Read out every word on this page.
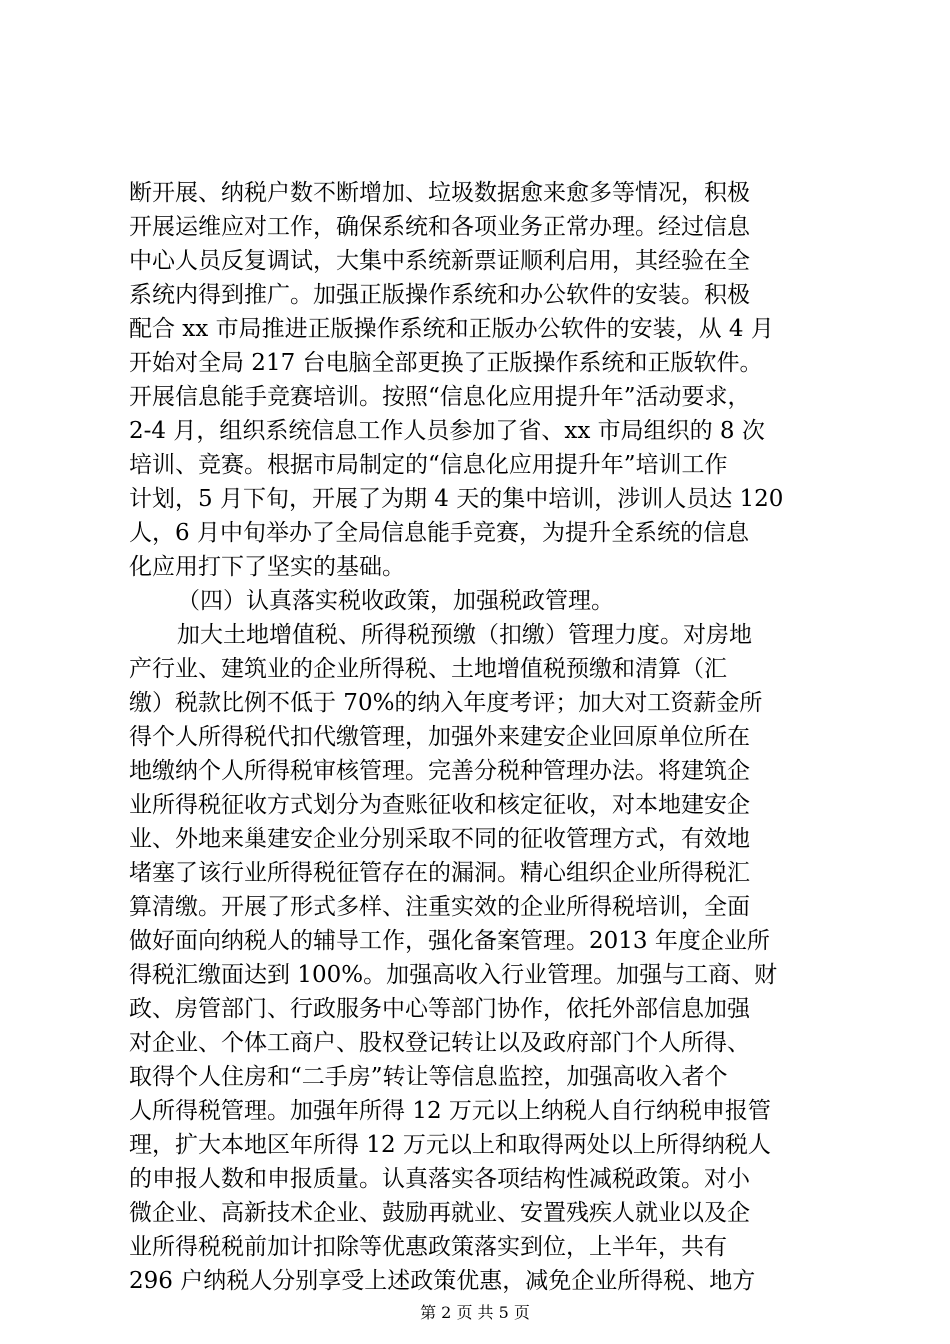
断开展、纳税户数不断增加、垃圾数据愈来愈多等情况，积极
开展运维应对工作，确保系统和各项业务正常办理。经过信息
中心人员反复调试，大集中系统新票证顺利启用，其经验在全
系统内得到推广。加强正版操作系统和办公软件的安装。积极
配合 xx 市局推进正版操作系统和正版办公软件的安装，从 4 月
开始对全局 217 台电脑全部更换了正版操作系统和正版软件。
开展信息能手竞赛培训。按照“信息化应用提升年”活动要求，
2-4 月，组织系统信息工作人员参加了省、xx 市局组织的 8 次
培训、竞赛。根据市局制定的“信息化应用提升年”培训工作
计划，5 月下旬，开展了为期 4 天的集中培训，涉训人员达 120
人，6 月中旬举办了全局信息能手竞赛，为提升全系统的信息
化应用打下了坚实的基础。
（四）认真落实税收政策，加强税政管理。
加大土地增值税、所得税预缴（扣缴）管理力度。对房地
产行业、建筑业的企业所得税、土地增值税预缴和清算（汇
缴）税款比例不低于 70%的纳入年度考评；加大对工资薪金所
得个人所得税代扣代缴管理，加强外来建安企业回原单位所在
地缴纳个人所得税审核管理。完善分税种管理办法。将建筑企
业所得税征收方式划分为查账征收和核定征收，对本地建安企
业、外地来巢建安企业分别采取不同的征收管理方式，有效地
堵塞了该行业所得税征管存在的漏洞。精心组织企业所得税汇
算清缴。开展了形式多样、注重实效的企业所得税培训，全面
做好面向纳税人的辅导工作，强化备案管理。2013 年度企业所
得税汇缴面达到 100%。加强高收入行业管理。加强与工商、财
政、房管部门、行政服务中心等部门协作，依托外部信息加强
对企业、个体工商户、股权登记转让以及政府部门个人所得、
取得个人住房和“二手房”转让等信息监控，加强高收入者个
人所得税管理。加强年所得 12 万元以上纳税人自行纳税申报管
理，扩大本地区年所得 12 万元以上和取得两处以上所得纳税人
的申报人数和申报质量。认真落实各项结构性减税政策。对小
微企业、高新技术企业、鼓励再就业、安置残疾人就业以及企
业所得税税前加计扣除等优惠政策落实到位，上半年，共有
296 户纳税人分别享受上述政策优惠，减免企业所得税、地方
第 2 页 共 5 页
